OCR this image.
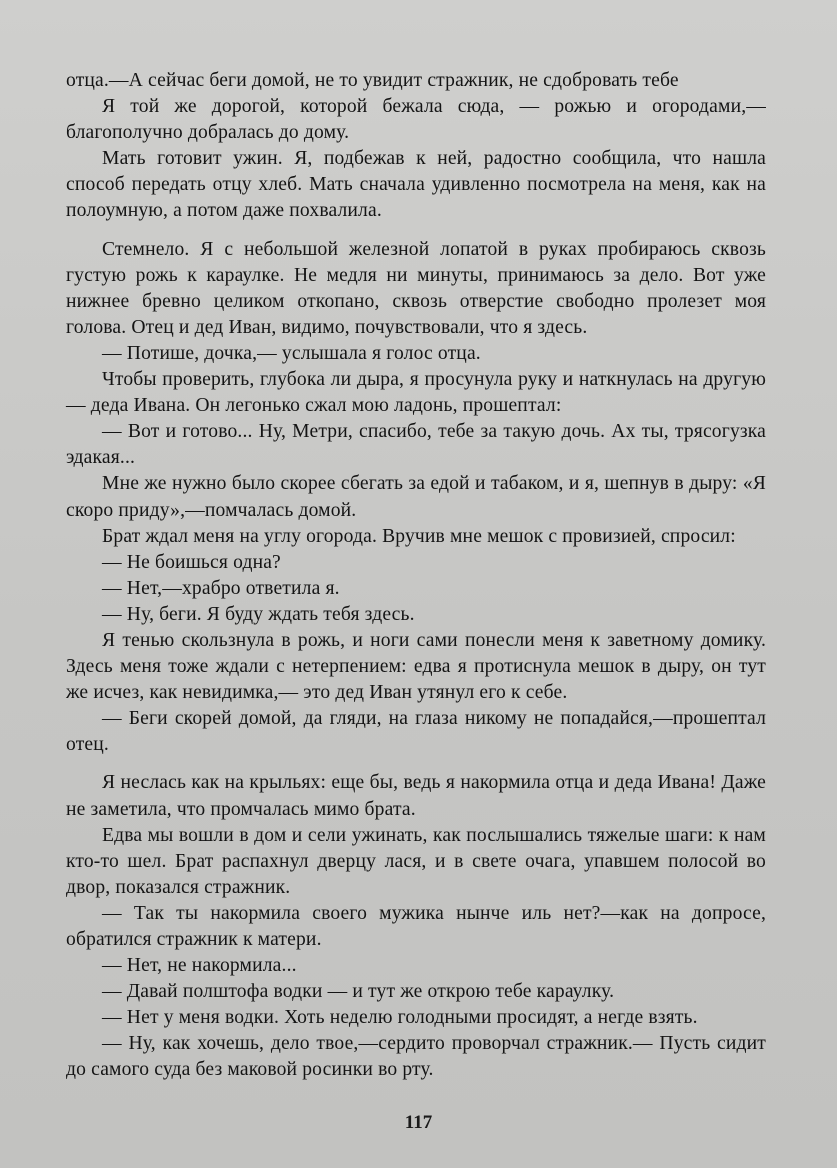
отца.—А сейчас беги домой, не то увидит стражник, не сдобровать тебе

Я той же дорогой, которой бежала сюда, — рожью и огородами,— благополучно добралась до дому.

Мать готовит ужин. Я, подбежав к ней, радостно сообщила, что нашла способ передать отцу хлеб. Мать сначала удивленно посмотрела на меня, как на полоумную, а потом даже похвалила.

Стемнело. Я с небольшой железной лопатой в руках пробираюсь сквозь густую рожь к караулке. Не медля ни минуты, принимаюсь за дело. Вот уже нижнее бревно целиком откопано, сквозь отверстие свободно пролезет моя голова. Отец и дед Иван, видимо, почувствовали, что я здесь.

— Потише, дочка,— услышала я голос отца.

Чтобы проверить, глубока ли дыра, я просунула руку и наткнулась на другую — деда Ивана. Он легонько сжал мою ладонь, прошептал:

— Вот и готово... Ну, Метри, спасибо, тебе за такую дочь. Ах ты, трясогузка эдакая...

Мне же нужно было скорее сбегать за едой и табаком, и я, шепнув в дыру: «Я скоро приду»,—помчалась домой.

Брат ждал меня на углу огорода. Вручив мне мешок с провизией, спросил:

— Не боишься одна?

— Нет,—храбро ответила я.

— Ну, беги. Я буду ждать тебя здесь.

Я тенью скользнула в рожь, и ноги сами понесли меня к заветному домику. Здесь меня тоже ждали с нетерпением: едва я протиснула мешок в дыру, он тут же исчез, как невидимка,— это дед Иван утянул его к себе.

— Беги скорей домой, да гляди, на глаза никому не попадайся,—прошептал отец.

Я неслась как на крыльях: еще бы, ведь я накормила отца и деда Ивана! Даже не заметила, что промчалась мимо брата.

Едва мы вошли в дом и сели ужинать, как послышались тяжелые шаги: к нам кто-то шел. Брат распахнул дверцу лася, и в свете очага, упавшем полосой во двор, показался стражник.

— Так ты накормила своего мужика нынче иль нет?—как на допросе, обратился стражник к матери.

— Нет, не накормила...

— Давай полштофа водки — и тут же открою тебе караулку.

— Нет у меня водки. Хоть неделю голодными просидят, а негде взять.

— Ну, как хочешь, дело твое,—сердито проворчал стражник.— Пусть сидит до самого суда без маковой росинки во рту.

117
